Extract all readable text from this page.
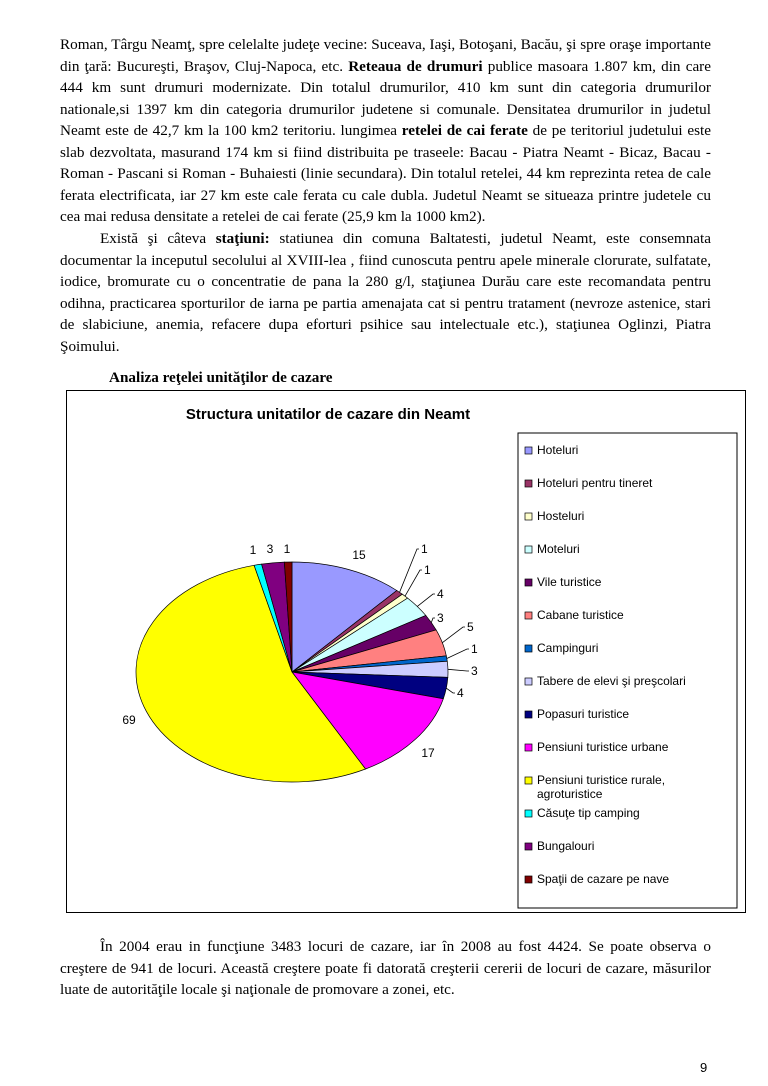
Roman, Târgu Neamţ, spre celelalte judeţe vecine: Suceava, Iaşi, Botoşani, Bacău, şi spre oraşe importante din ţară: Bucureşti, Braşov, Cluj-Napoca, etc. Reteaua de drumuri publice masoara 1.807 km, din care 444 km sunt drumuri modernizate. Din totalul drumurilor, 410 km sunt din categoria drumurilor nationale,si 1397 km din categoria drumurilor judetene si comunale. Densitatea drumurilor in judetul Neamt este de 42,7 km la 100 km2 teritoriu. lungimea retelei de cai ferate de pe teritoriul judetului este slab dezvoltata, masurand 174 km si fiind distribuita pe traseele: Bacau - Piatra Neamt - Bicaz, Bacau - Roman - Pascani si Roman - Buhaiesti (linie secundara). Din totalul retelei, 44 km reprezinta retea de cale ferata electrificata, iar 27 km este cale ferata cu cale dubla. Judetul Neamt se situeaza printre judetele cu cea mai redusa densitate a retelei de cai ferate (25,9 km la 1000 km2).

Există şi câteva staţiuni: statiunea din comuna Baltatesti, judetul Neamt, este consemnata documentar la inceputul secolului al XVIII-lea , fiind cunoscuta pentru apele minerale clorurate, sulfatate, iodice, bromurate cu o concentratie de pana la 280 g/l, staţiunea Durău care este recomandata pentru odihna, practicarea sporturilor de iarna pe partia amenajata cat si pentru tratament (nevroze astenice, stari de slabiciune, anemia, refacere dupa eforturi psihice sau intelectuale etc.), staţiunea Oglinzi, Piatra Şoimului.

Analiza reţelei unităţilor de cazare

Structura unitatilor de cazare din Neamt
15	1
1
4
3
5
1
3
4
17
69
1 3 1
Hoteluri
Hoteluri pentru tineret
Hosteluri
Moteluri
Vile turistice
Cabane turistice
Campinguri
Tabere de elevi şi preşcolari
Popasuri turistice
Pensiuni turistice urbane
Pensiuni turistice rurale, agroturistice
Căsuţe tip camping
Bungalouri
Spaţii de cazare pe nave

În 2004 erau in funcţiune 3483 locuri de cazare, iar în 2008 au fost 4424. Se poate observa o creştere de 941 de locuri. Această creştere poate fi datorată creşterii cererii de locuri de cazare, măsurilor luate de autorităţile locale şi naţionale de promovare a zonei, etc.

9
